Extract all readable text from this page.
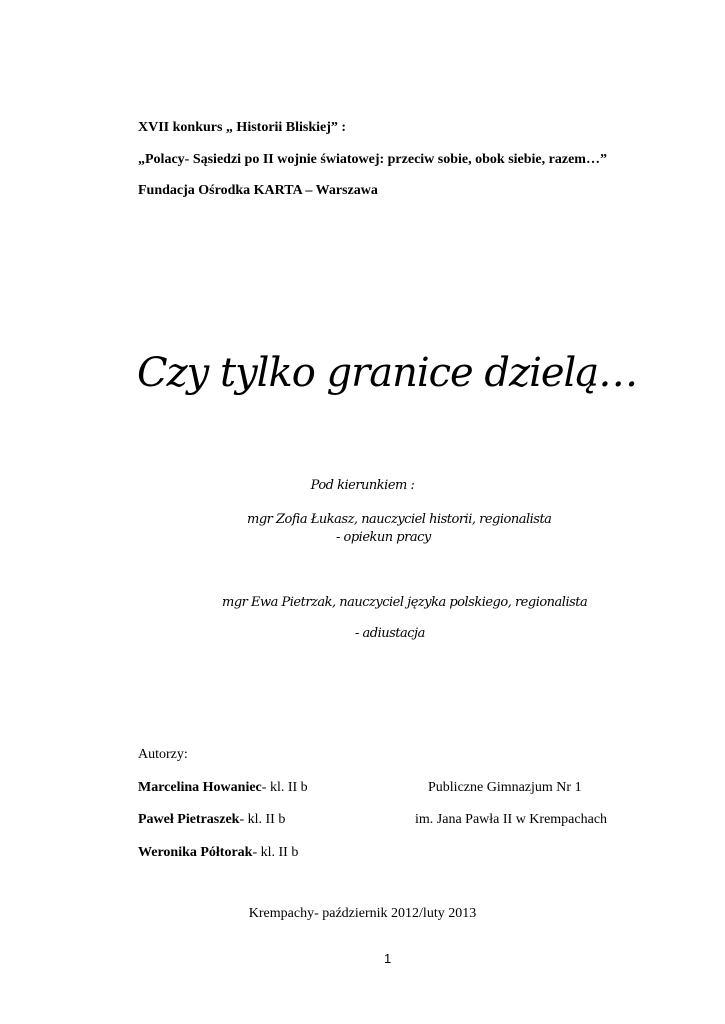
XVII konkurs „ Historii Bliskiej” :
„Polacy- Sąsiedzi po II wojnie światowej: przeciw sobie, obok siebie, razem…”
Fundacja Ośrodka KARTA – Warszawa
Czy tylko granice dzielą…
Pod kierunkiem :
mgr Zofia Łukasz, nauczyciel historii, regionalista
- opiekun pracy
mgr Ewa Pietrzak, nauczyciel języka polskiego, regionalista
- adiustacja
Autorzy:
Marcelina Howaniec- kl. II b
Paweł Pietraszek- kl. II b
Weronika Półtorak- kl. II b
Publiczne Gimnazjum Nr 1
im. Jana Pawła II w Krempachach
Krempachy- październik 2012/luty 2013
1
